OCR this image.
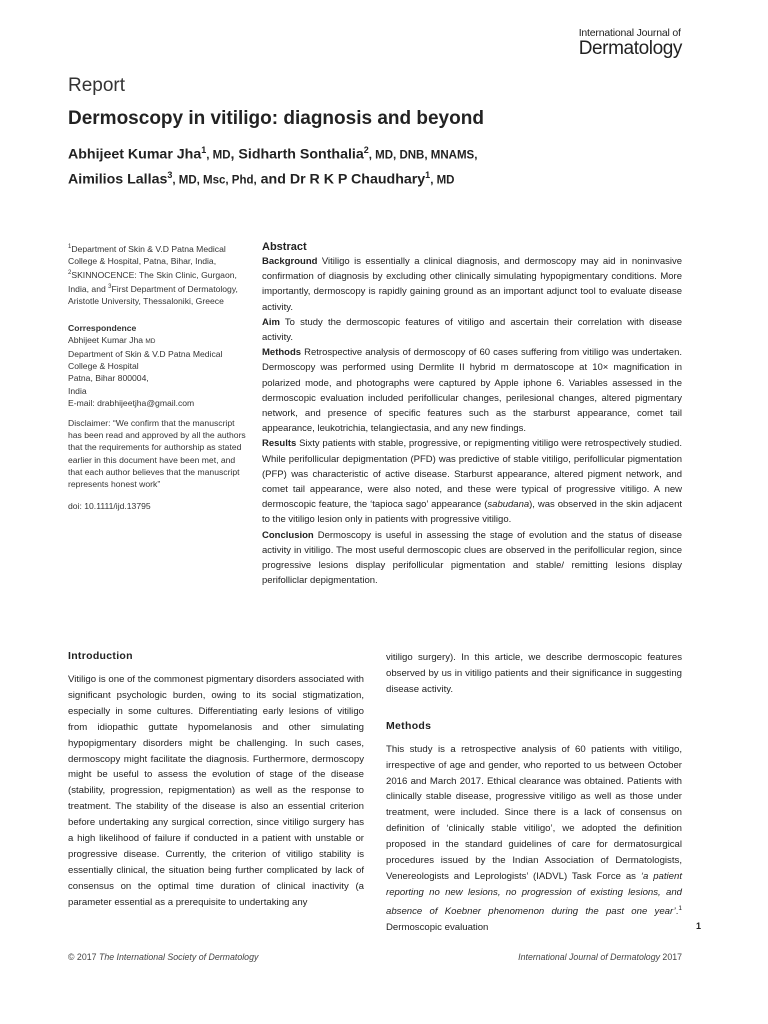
International Journal of
Dermatology
Report
Dermoscopy in vitiligo: diagnosis and beyond
Abhijeet Kumar Jha$^1$, MD, Sidharth Sonthalia$^2$, MD, DNB, MNAMS,
Aimilios Lallas$^3$, MD, Msc, Phd, and Dr R K P Chaudhary$^1$, MD

$^1$Department of Skin & V.D Patna Medical College & Hospital, Patna, Bihar, India, $^2$SKINNOCENCE: The Skin Clinic, Gurgaon, India, and $^3$First Department of Dermatology, Aristotle University, Thessaloniki, Greece

Correspondence

Abhijeet Kumar Jha MD

Department of Skin & V.D Patna Medical

College & Hospital

Patna, Bihar 800004,

India

E-mail: drabhijeetjha@gmail.com

Disclaimer: “We confirm that the manuscript has been read and approved by all the authors that the requirements for authorship as stated earlier in this document have been met, and that each author believes that the manuscript represents honest work”

doi: 10.1111/ijd.13795

Abstract

Background Vitiligo is essentially a clinical diagnosis, and dermoscopy may aid in noninvasive confirmation of diagnosis by excluding other clinically simulating hypopigmentary conditions. More importantly, dermoscopy is rapidly gaining ground as an important adjunct tool to evaluate disease activity.

Aim To study the dermoscopic features of vitiligo and ascertain their correlation with disease activity.

Methods Retrospective analysis of dermoscopy of 60 cases suffering from vitiligo was undertaken. Dermoscopy was performed using Dermlite II hybrid m dermatoscope at 10× magnification in polarized mode, and photographs were captured by Apple iphone 6. Variables assessed in the dermoscopic evaluation included perifollicular changes, perilesional changes, altered pigmentary network, and presence of specific features such as the starburst appearance, comet tail appearance, leukotrichia, telangiectasia, and any new findings.

Results Sixty patients with stable, progressive, or repigmenting vitiligo were retrospectively studied. While perifollicular depigmentation (PFD) was predictive of stable vitiligo, perifollicular pigmentation (PFP) was characteristic of active disease. Starburst appearance, altered pigment network, and comet tail appearance, were also noted, and these were typical of progressive vitiligo. A new dermoscopic feature, the ‘tapioca sago’ appearance (sabudana), was observed in the skin adjacent to the vitiligo lesion only in patients with progressive vitiligo.

Conclusion Dermoscopy is useful in assessing the stage of evolution and the status of disease activity in vitiligo. The most useful dermoscopic clues are observed in the perifollicular region, since progressive lesions display perifollicular pigmentation and stable/ remitting lesions display perifolliclar depigmentation.

Introduction

Vitiligo is one of the commonest pigmentary disorders associated with significant psychologic burden, owing to its social stigmatization, especially in some cultures. Differentiating early lesions of vitiligo from idiopathic guttate hypomelanosis and other simulating hypopigmentary disorders might be challenging. In such cases, dermoscopy might facilitate the diagnosis. Furthermore, dermoscopy might be useful to assess the evolution of stage of the disease (stability, progression, repigmentation) as well as the response to treatment. The stability of the disease is also an essential criterion before undertaking any surgical correction, since vitiligo surgery has a high likelihood of failure if conducted in a patient with unstable or progressive disease. Currently, the criterion of vitiligo stability is essentially clinical, the situation being further complicated by lack of consensus on the optimal time duration of clinical inactivity (a parameter essential as a prerequisite to undertaking any

vitiligo surgery). In this article, we describe dermoscopic features observed by us in vitiligo patients and their significance in suggesting disease activity.

Methods

This study is a retrospective analysis of 60 patients with vitiligo, irrespective of age and gender, who reported to us between October 2016 and March 2017. Ethical clearance was obtained. Patients with clinically stable disease, progressive vitiligo as well as those under treatment, were included. Since there is a lack of consensus on definition of ‘clinically stable vitiligo’, we adopted the definition proposed in the standard guidelines of care for dermatosurgical procedures issued by the Indian Association of Dermatologists, Venereologists and Leprologists’ (IADVL) Task Force as ‘a patient reporting no new lesions, no progression of existing lesions, and absence of Koebner phenomenon during the past one year’.$^1$ Dermoscopic evaluation	1
© 2017 The International Society of Dermatology	International Journal of Dermatology 2017
